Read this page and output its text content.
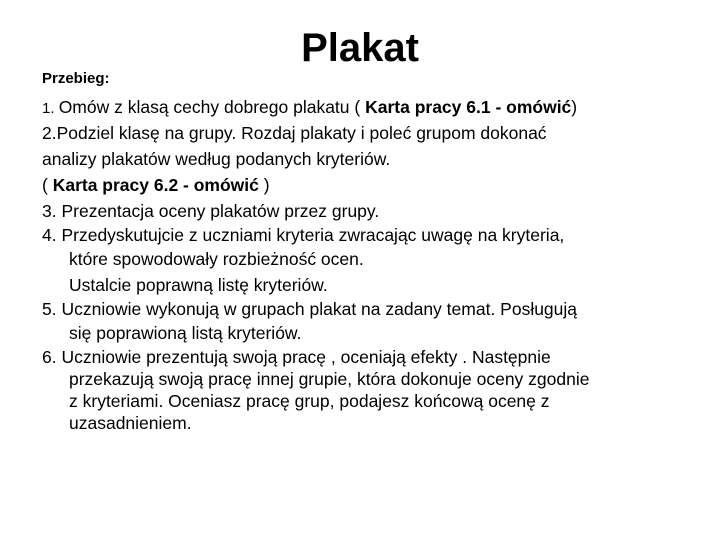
Plakat
Przebieg:

1. Omów z klasą cechy dobrego plakatu ( Karta pracy 6.1 - omówić)

2.Podziel klasę na grupy. Rozdaj plakaty i poleć grupom dokonać

analizy plakatów według podanych kryteriów.

( Karta pracy 6.2 - omówić )

3. Prezentacja oceny plakatów przez grupy.

4. Przedyskutujcie z uczniami kryteria zwracając uwagę na kryteria,

które spowodowały rozbieżność ocen.

Ustalcie poprawną listę kryteriów.

5. Uczniowie wykonują w grupach plakat na zadany temat. Posługują

się poprawioną listą kryteriów.

6. Uczniowie prezentują swoją pracę , oceniają efekty . Następnie

przekazują swoją pracę innej grupie, która dokonuje oceny zgodnie

z kryteriami. Oceniasz pracę grup, podajesz końcową ocenę z

uzasadnieniem.
